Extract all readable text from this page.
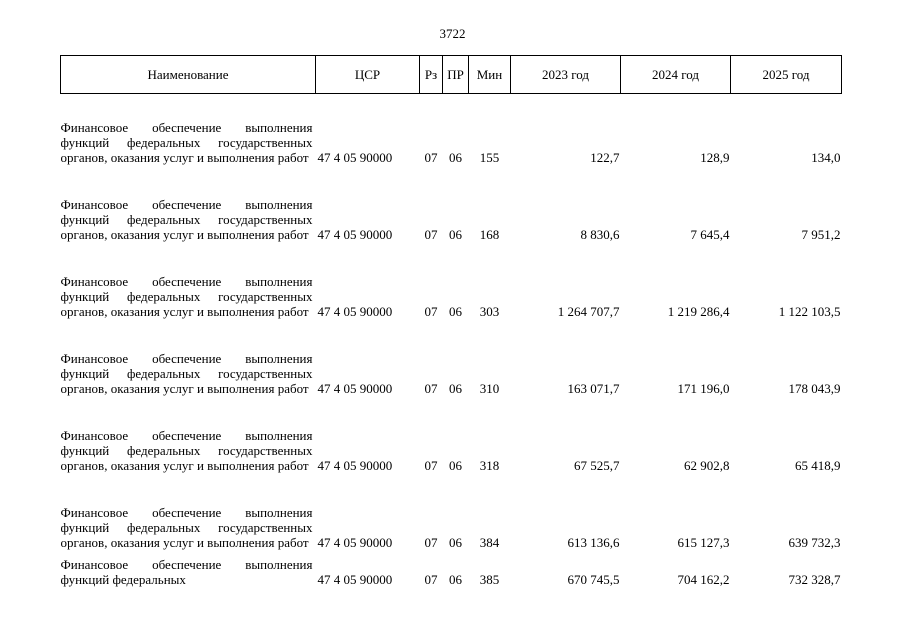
3722
Наименование	ЦСР	Рз	ПР	Мин	2023 год	2024 год	2025 год

Финансовое обеспечение выполнения функций федеральных государственных органов, оказания услуг и выполнения работ	47 4 05 90000	07	06	155	122,7	128,9	134,0

Финансовое обеспечение выполнения функций федеральных государственных органов, оказания услуг и выполнения работ	47 4 05 90000	07	06	168	8 830,6	7 645,4	7 951,2

Финансовое обеспечение выполнения функций федеральных государственных органов, оказания услуг и выполнения работ	47 4 05 90000	07	06	303	1 264 707,7	1 219 286,4	1 122 103,5

Финансовое обеспечение выполнения функций федеральных государственных органов, оказания услуг и выполнения работ	47 4 05 90000	07	06	310	163 071,7	171 196,0	178 043,9

Финансовое обеспечение выполнения функций федеральных государственных органов, оказания услуг и выполнения работ	47 4 05 90000	07	06	318	67 525,7	62 902,8	65 418,9

Финансовое обеспечение выполнения функций федеральных государственных органов, оказания услуг и выполнения работ	47 4 05 90000	07	06	384	613 136,6	615 127,3	639 732,3

Финансовое обеспечение выполнения функций федеральных	47 4 05 90000	07	06	385	670 745,5	704 162,2	732 328,7
